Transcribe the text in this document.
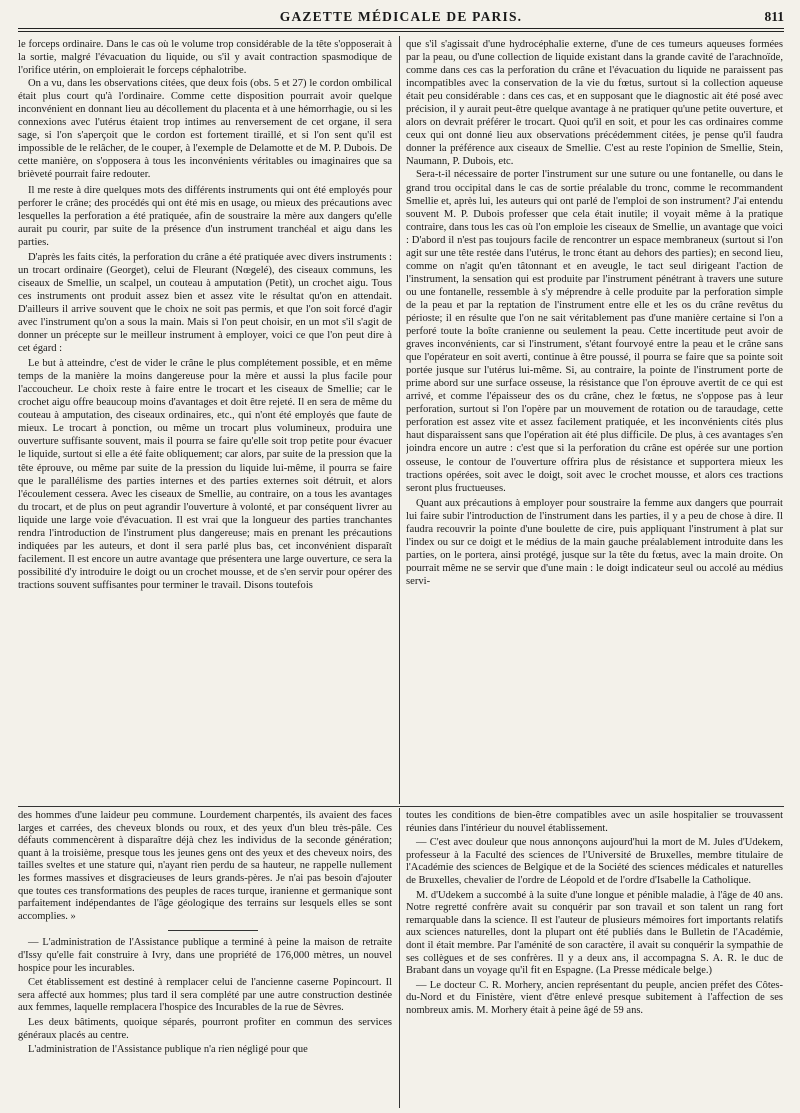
GAZETTE MÉDICALE DE PARIS.	811

le forceps ordinaire. Dans le cas où le volume trop considérable de la tête s'opposerait à la sortie, malgré l'évacuation du liquide, ou s'il y avait contraction spasmodique de l'orifice utérin, on emploierait le forceps céphalotribe.

On a vu, dans les observations citées, que deux fois (obs. 5 et 27) le cordon ombilical était plus court qu'à l'ordinaire. Comme cette disposition pourrait avoir quelque inconvénient en donnant lieu au décollement du placenta et à une hémorrhagie, ou si les connexions avec l'utérus étaient trop intimes au renversement de cet organe, il sera sage, si l'on s'aperçoit que le cordon est fortement tiraillé, et si l'on sent qu'il est impossible de le relâcher, de le couper, à l'exemple de Delamotte et de M. P. Dubois. De cette manière, on s'opposera à tous les inconvénients véritables ou imaginaires que sa brièveté pourrait faire redouter.

Il me reste à dire quelques mots des différents instruments qui ont été employés pour perforer le crâne; des procédés qui ont été mis en usage, ou mieux des précautions avec lesquelles la perforation a été pratiquée, afin de soustraire la mère aux dangers qu'elle aurait pu courir, par suite de la présence d'un instrument tranchéal et aigu dans les parties.

D'après les faits cités, la perforation du crâne a été pratiquée avec divers instruments : un trocart ordinaire (Georget), celui de Fleurant (Nœgelé), des ciseaux communs, les ciseaux de Smellie, un scalpel, un couteau à amputation (Petit), un crochet aigu. Tous ces instruments ont produit assez bien et assez vite le résultat qu'on en attendait. D'ailleurs il arrive souvent que le choix ne soit pas permis, et que l'on soit forcé d'agir avec l'instrument qu'on a sous la main. Mais si l'on peut choisir, en un mot s'il s'agit de donner un précepte sur le meilleur instrument à employer, voici ce que l'on peut dire à cet égard :

Le but à atteindre, c'est de vider le crâne le plus complétement possible, et en même temps de la manière la moins dangereuse pour la mère et aussi la plus facile pour l'accoucheur. Le choix reste à faire entre le trocart et les ciseaux de Smellie; car le crochet aigu offre beaucoup moins d'avantages et doit être rejeté. Il en sera de même du couteau à amputation, des ciseaux ordinaires, etc., qui n'ont été employés que faute de mieux. Le trocart à ponction, ou même un trocart plus volumineux, produira une ouverture suffisante souvent, mais il pourra se faire qu'elle soit trop petite pour évacuer le liquide, surtout si elle a été faite obliquement; car alors, par suite de la pression que la tête éprouve, ou même par suite de la pression du liquide lui-même, il pourra se faire que le parallélisme des parties internes et des parties externes soit détruit, et alors l'écoulement cessera. Avec les ciseaux de Smellie, au contraire, on a tous les avantages du trocart, et de plus on peut agrandir l'ouverture à volonté, et par conséquent livrer au liquide une large voie d'évacuation. Il est vrai que la longueur des parties tranchantes rendra l'introduction de l'instrument plus dangereuse; mais en prenant les précautions indiquées par les auteurs, et dont il sera parlé plus bas, cet inconvénient disparaît facilement. Il est encore un autre avantage que présentera une large ouverture, ce sera la possibilité d'y introduire le doigt ou un crochet mousse, et de s'en servir pour opérer des tractions souvent suffisantes pour terminer le travail. Disons toutefois

que s'il s'agissait d'une hydrocéphalie externe, d'une de ces tumeurs aqueuses formées par la peau, ou d'une collection de liquide existant dans la grande cavité de l'arachnoïde, comme dans ces cas la perforation du crâne et l'évacuation du liquide ne paraissent pas incompatibles avec la conservation de la vie du fœtus, surtout si la collection aqueuse était peu considérable : dans ces cas, et en supposant que le diagnostic ait été posé avec précision, il y aurait peut-être quelque avantage à ne pratiquer qu'une petite ouverture, et alors on devrait préférer le trocart. Quoi qu'il en soit, et pour les cas ordinaires comme ceux qui ont donné lieu aux observations précédemment citées, je pense qu'il faudra donner la préférence aux ciseaux de Smellie. C'est au reste l'opinion de Smellie, Stein, Naumann, P. Dubois, etc.

Sera-t-il nécessaire de porter l'instrument sur une suture ou une fontanelle, ou dans le grand trou occipital dans le cas de sortie préalable du tronc, comme le recommandent Smellie et, après lui, les auteurs qui ont parlé de l'emploi de son instrument? J'ai entendu souvent M. P. Dubois professer que cela était inutile; il voyait même à la pratique contraire, dans tous les cas où l'on emploie les ciseaux de Smellie, un avantage que voici : D'abord il n'est pas toujours facile de rencontrer un espace membraneux (surtout si l'on agit sur une tête restée dans l'utérus, le tronc étant au dehors des parties); en second lieu, comme on n'agit qu'en tâtonnant et en aveugle, le tact seul dirigeant l'action de l'instrument, la sensation qui est produite par l'instrument pénétrant à travers une suture ou une fontanelle, ressemble à s'y méprendre à celle produite par la perforation simple de la peau et par la reptation de l'instrument entre elle et les os du crâne revêtus du périoste; il en résulte que l'on ne sait véritablement pas d'une manière certaine si l'on a perforé toute la boîte cranienne ou seulement la peau. Cette incertitude peut avoir de graves inconvénients, car si l'instrument, s'étant fourvoyé entre la peau et le crâne sans que l'opérateur en soit averti, continue à être poussé, il pourra se faire que sa pointe soit portée jusque sur l'utérus lui-même. Si, au contraire, la pointe de l'instrument porte de prime abord sur une surface osseuse, la résistance que l'on éprouve avertit de ce qui est arrivé, et comme l'épaisseur des os du crâne, chez le fœtus, ne s'oppose pas à leur perforation, surtout si l'on l'opère par un mouvement de rotation ou de taraudage, cette perforation est assez vite et assez facilement pratiquée, et les inconvénients cités plus haut disparaissent sans que l'opération ait été plus difficile. De plus, à ces avantages s'en joindra encore un autre : c'est que si la perforation du crâne est opérée sur une portion osseuse, le contour de l'ouverture offrira plus de résistance et supportera mieux les tractions opérées, soit avec le doigt, soit avec le crochet mousse, et alors ces tractions seront plus fructueuses.

Quant aux précautions à employer pour soustraire la femme aux dangers que pourrait lui faire subir l'introduction de l'instrument dans les parties, il y a peu de chose à dire. Il faudra recouvrir la pointe d'une boulette de cire, puis appliquant l'instrument à plat sur l'index ou sur ce doigt et le médius de la main gauche préalablement introduite dans les parties, on le portera, ainsi protégé, jusque sur la tête du fœtus, avec la main droite. On pourrait même ne se servir que d'une main : le doigt indicateur seul ou accolé au médius servi-

des hommes d'une laideur peu commune. Lourdement charpentés, ils avaient des faces larges et carrées, des cheveux blonds ou roux, et des yeux d'un bleu très-pâle. Ces défauts commencèrent à disparaître déjà chez les individus de la seconde génération; quant à la troisième, presque tous les jeunes gens ont des yeux et des cheveux noirs, des tailles sveltes et une stature qui, n'ayant rien perdu de sa hauteur, ne rappelle nullement les formes massives et disgracieuses de leurs grands-pères. Je n'ai pas besoin d'ajouter que toutes ces transformations des peuples de races turque, iranienne et germanique sont parfaitement indépendantes de l'âge géologique des terrains sur lesquels elles se sont accomplies. »

— L'administration de l'Assistance publique a terminé à peine la maison de retraite d'Issy qu'elle fait construire à Ivry, dans une propriété de 176,000 mètres, un nouvel hospice pour les incurables.

Cet établissement est destiné à remplacer celui de l'ancienne caserne Popincourt. Il sera affecté aux hommes; plus tard il sera complété par une autre construction destinée aux femmes, laquelle remplacera l'hospice des Incurables de la rue de Sèvres.

Les deux bâtiments, quoique séparés, pourront profiter en commun des services généraux placés au centre.

L'administration de l'Assistance publique n'a rien négligé pour que

toutes les conditions de bien-être compatibles avec un asile hospitalier se trouvassent réunies dans l'intérieur du nouvel établissement.

— C'est avec douleur que nous annonçons aujourd'hui la mort de M. Jules d'Udekem, professeur à la Faculté des sciences de l'Université de Bruxelles, membre titulaire de l'Académie des sciences de Belgique et de la Société des sciences médicales et naturelles de Bruxelles, chevalier de l'ordre de Léopold et de l'ordre d'Isabelle la Catholique.

M. d'Udekem a succombé à la suite d'une longue et pénible maladie, à l'âge de 40 ans. Notre regretté confrère avait su conquérir par son travail et son talent un rang fort remarquable dans la science. Il est l'auteur de plusieurs mémoires fort importants relatifs aux sciences naturelles, dont la plupart ont été publiés dans le Bulletin de l'Académie, dont il était membre. Par l'aménité de son caractère, il avait su conquérir la sympathie de ses collègues et de ses confrères. Il y a deux ans, il accompagna S. A. R. le duc de Brabant dans un voyage qu'il fit en Espagne. (La Presse médicale belge.)

— Le docteur C. R. Morhery, ancien représentant du peuple, ancien préfet des Côtes-du-Nord et du Finistère, vient d'être enlevé presque subitement à l'affection de ses nombreux amis. M. Morhery était à peine âgé de 59 ans.
